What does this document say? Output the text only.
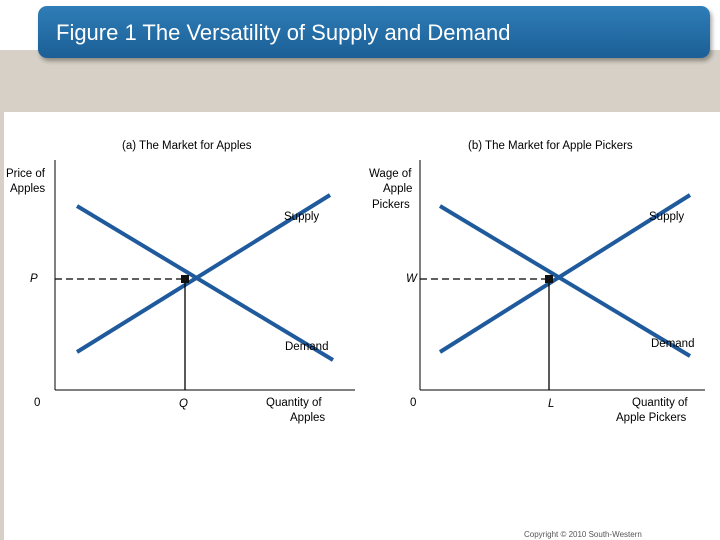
Figure 1 The Versatility of Supply and Demand
(a) The Market for Apples
Price of
Apples
Supply
P
Demand
0	Q	Quantity of
Apples
(b) The Market for Apple Pickers
Wage of
Apple
Pickers
Supply
W
Demand
0	L	Quantity of
Apple Pickers
Copyright © 2010 South-Western
